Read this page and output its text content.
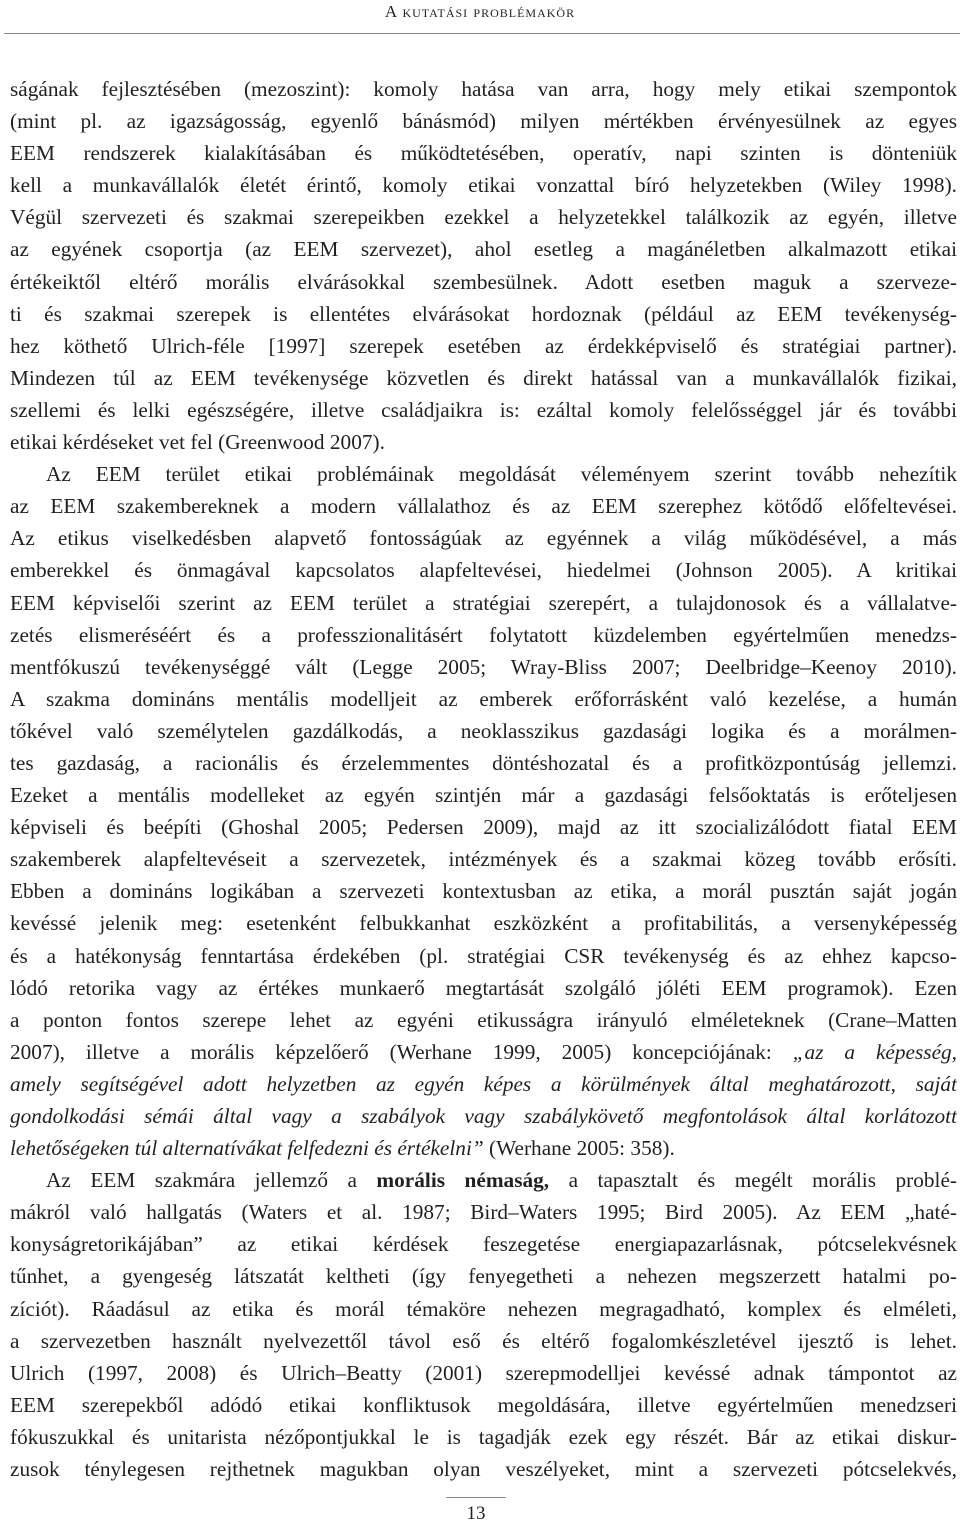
A kutatási problémakör
ságának fejlesztésében (mezoszint): komoly hatása van arra, hogy mely etikai szempontok
(mint pl. az igazságosság, egyenlő bánásmód) milyen mértékben érvényesülnek az egyes
EEM rendszerek kialakításában és működtetésében, operatív, napi szinten is dönteniük
kell a munkavállalók életét érintő, komoly etikai vonzattal bíró helyzetekben (Wiley 1998).
Végül szervezeti és szakmai szerepeikben ezekkel a helyzetekkel találkozik az egyén, illetve
az egyének csoportja (az EEM szervezet), ahol esetleg a magánéletben alkalmazott etikai
értékeiktől eltérő morális elvárásokkal szembesülnek. Adott esetben maguk a szerveze-
ti és szakmai szerepek is ellentétes elvárásokat hordoznak (például az EEM tevékenység-
hez köthető Ulrich-féle [1997] szerepek esetében az érdekképviselő és stratégiai partner).
Mindezen túl az EEM tevékenysége közvetlen és direkt hatással van a munkavállalók fizikai,
szellemi és lelki egészségére, illetve családjaikra is: ezáltal komoly felelősséggel jár és további
etikai kérdéseket vet fel (Greenwood 2007).
Az EEM terület etikai problémáinak megoldását véleményem szerint tovább nehezítik
az EEM szakembereknek a modern vállalathoz és az EEM szerephez kötődő előfeltevései.
Az etikus viselkedésben alapvető fontosságúak az egyénnek a világ működésével, a más
emberekkel és önmagával kapcsolatos alapfeltevései, hiedelmei (Johnson 2005). A kritikai
EEM képviselői szerint az EEM terület a stratégiai szerepért, a tulajdonosok és a vállalatve-
zetés elismeréséért és a professzionalitásért folytatott küzdelemben egyértelműen menedzs-
mentfókuszú tevékenységgé vált (Legge 2005; Wray-Bliss 2007; Deelbridge–Keenoy 2010).
A szakma domináns mentális modelljeit az emberek erőforrásként való kezelése, a humán
tőkével való személytelen gazdálkodás, a neoklasszikus gazdasági logika és a morálmen-
tes gazdaság, a racionális és érzelemmentes döntéshozatal és a profitközpontúság jellemzi.
Ezeket a mentális modelleket az egyén szintjén már a gazdasági felsőoktatás is erőteljesen
képviseli és beépíti (Ghoshal 2005; Pedersen 2009), majd az itt szocializálódott fiatal EEM
szakemberek alapfeltevéseit a szervezetek, intézmények és a szakmai közeg tovább erősíti.
Ebben a domináns logikában a szervezeti kontextusban az etika, a morál pusztán saját jogán
kevéssé jelenik meg: esetenként felbukkanhat eszközként a profitabilitás, a versenyképesség
és a hatékonyság fenntartása érdekében (pl. stratégiai CSR tevékenység és az ehhez kapcso-
lódó retorika vagy az értékes munkaerő megtartását szolgáló jóléti EEM programok). Ezen
a ponton fontos szerepe lehet az egyéni etikusságra irányuló elméleteknek (Crane–Matten
2007), illetve a morális képzelőerő (Werhane 1999, 2005) koncepciójának: „az a képesség,
amely segítségével adott helyzetben az egyén képes a körülmények által meghatározott, saját
gondolkodási sémái által vagy a szabályok vagy szabálykövető megfontolások által korlátozott
lehetőségeken túl alternatívákat felfedezni és értékelni” (Werhane 2005: 358).
Az EEM szakmára jellemző a morális némaság, a tapasztalt és megélt morális problé-
mákról való hallgatás (Waters et al. 1987; Bird–Waters 1995; Bird 2005). Az EEM „haté-
konyságretorikájában” az etikai kérdések feszegetése energiapazarlásnak, pótcselekvésnek
tűnhet, a gyengeség látszatát keltheti (így fenyegetheti a nehezen megszerzett hatalmi po-
zíciót). Ráadásul az etika és morál témaköre nehezen megragadható, komplex és elméleti,
a szervezetben használt nyelvezettől távol eső és eltérő fogalomkészletével ijesztő is lehet.
Ulrich (1997, 2008) és Ulrich–Beatty (2001) szerepmodelljei kevéssé adnak támpontot az
EEM szerepekből adódó etikai konfliktusok megoldására, illetve egyértelműen menedzseri
fókuszukkal és unitarista nézőpontjukkal le is tagadják ezek egy részét. Bár az etikai diskur-
zusok ténylegesen rejthetnek magukban olyan veszélyeket, mint a szervezeti pótcselekvés,
13
